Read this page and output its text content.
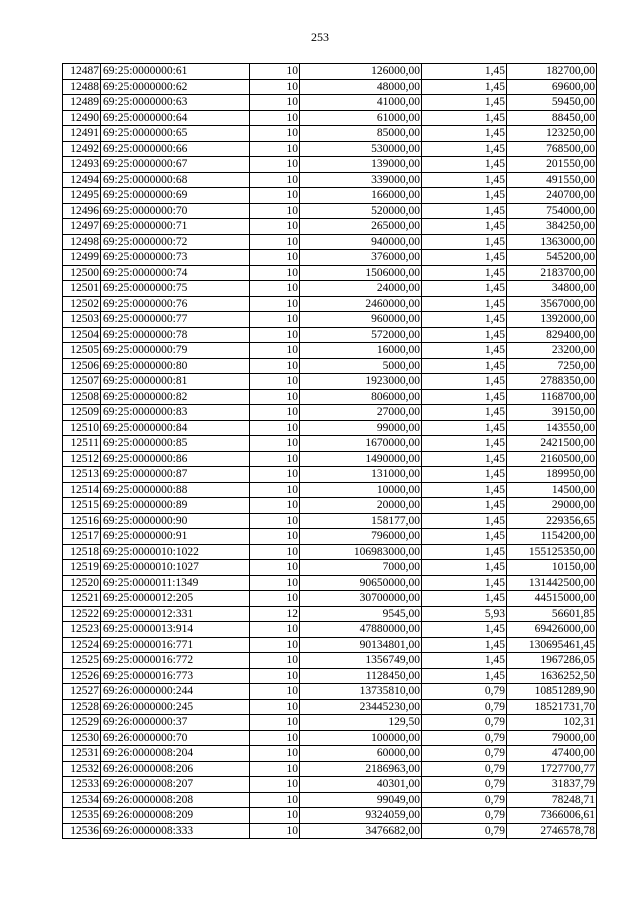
253
12487	69:25:0000000:61	10	126000,00	1,45	182700,00
12488	69:25:0000000:62	10	48000,00	1,45	69600,00
12489	69:25:0000000:63	10	41000,00	1,45	59450,00
12490	69:25:0000000:64	10	61000,00	1,45	88450,00
12491	69:25:0000000:65	10	85000,00	1,45	123250,00
12492	69:25:0000000:66	10	530000,00	1,45	768500,00
12493	69:25:0000000:67	10	139000,00	1,45	201550,00
12494	69:25:0000000:68	10	339000,00	1,45	491550,00
12495	69:25:0000000:69	10	166000,00	1,45	240700,00
12496	69:25:0000000:70	10	520000,00	1,45	754000,00
12497	69:25:0000000:71	10	265000,00	1,45	384250,00
12498	69:25:0000000:72	10	940000,00	1,45	1363000,00
12499	69:25:0000000:73	10	376000,00	1,45	545200,00
12500	69:25:0000000:74	10	1506000,00	1,45	2183700,00
12501	69:25:0000000:75	10	24000,00	1,45	34800,00
12502	69:25:0000000:76	10	2460000,00	1,45	3567000,00
12503	69:25:0000000:77	10	960000,00	1,45	1392000,00
12504	69:25:0000000:78	10	572000,00	1,45	829400,00
12505	69:25:0000000:79	10	16000,00	1,45	23200,00
12506	69:25:0000000:80	10	5000,00	1,45	7250,00
12507	69:25:0000000:81	10	1923000,00	1,45	2788350,00
12508	69:25:0000000:82	10	806000,00	1,45	1168700,00
12509	69:25:0000000:83	10	27000,00	1,45	39150,00
12510	69:25:0000000:84	10	99000,00	1,45	143550,00
12511	69:25:0000000:85	10	1670000,00	1,45	2421500,00
12512	69:25:0000000:86	10	1490000,00	1,45	2160500,00
12513	69:25:0000000:87	10	131000,00	1,45	189950,00
12514	69:25:0000000:88	10	10000,00	1,45	14500,00
12515	69:25:0000000:89	10	20000,00	1,45	29000,00
12516	69:25:0000000:90	10	158177,00	1,45	229356,65
12517	69:25:0000000:91	10	796000,00	1,45	1154200,00
12518	69:25:0000010:1022	10	106983000,00	1,45	155125350,00
12519	69:25:0000010:1027	10	7000,00	1,45	10150,00
12520	69:25:0000011:1349	10	90650000,00	1,45	131442500,00
12521	69:25:0000012:205	10	30700000,00	1,45	44515000,00
12522	69:25:0000012:331	12	9545,00	5,93	56601,85
12523	69:25:0000013:914	10	47880000,00	1,45	69426000,00
12524	69:25:0000016:771	10	90134801,00	1,45	130695461,45
12525	69:25:0000016:772	10	1356749,00	1,45	1967286,05
12526	69:25:0000016:773	10	1128450,00	1,45	1636252,50
12527	69:26:0000000:244	10	13735810,00	0,79	10851289,90
12528	69:26:0000000:245	10	23445230,00	0,79	18521731,70
12529	69:26:0000000:37	10	129,50	0,79	102,31
12530	69:26:0000000:70	10	100000,00	0,79	79000,00
12531	69:26:0000008:204	10	60000,00	0,79	47400,00
12532	69:26:0000008:206	10	2186963,00	0,79	1727700,77
12533	69:26:0000008:207	10	40301,00	0,79	31837,79
12534	69:26:0000008:208	10	99049,00	0,79	78248,71
12535	69:26:0000008:209	10	9324059,00	0,79	7366006,61
12536	69:26:0000008:333	10	3476682,00	0,79	2746578,78
